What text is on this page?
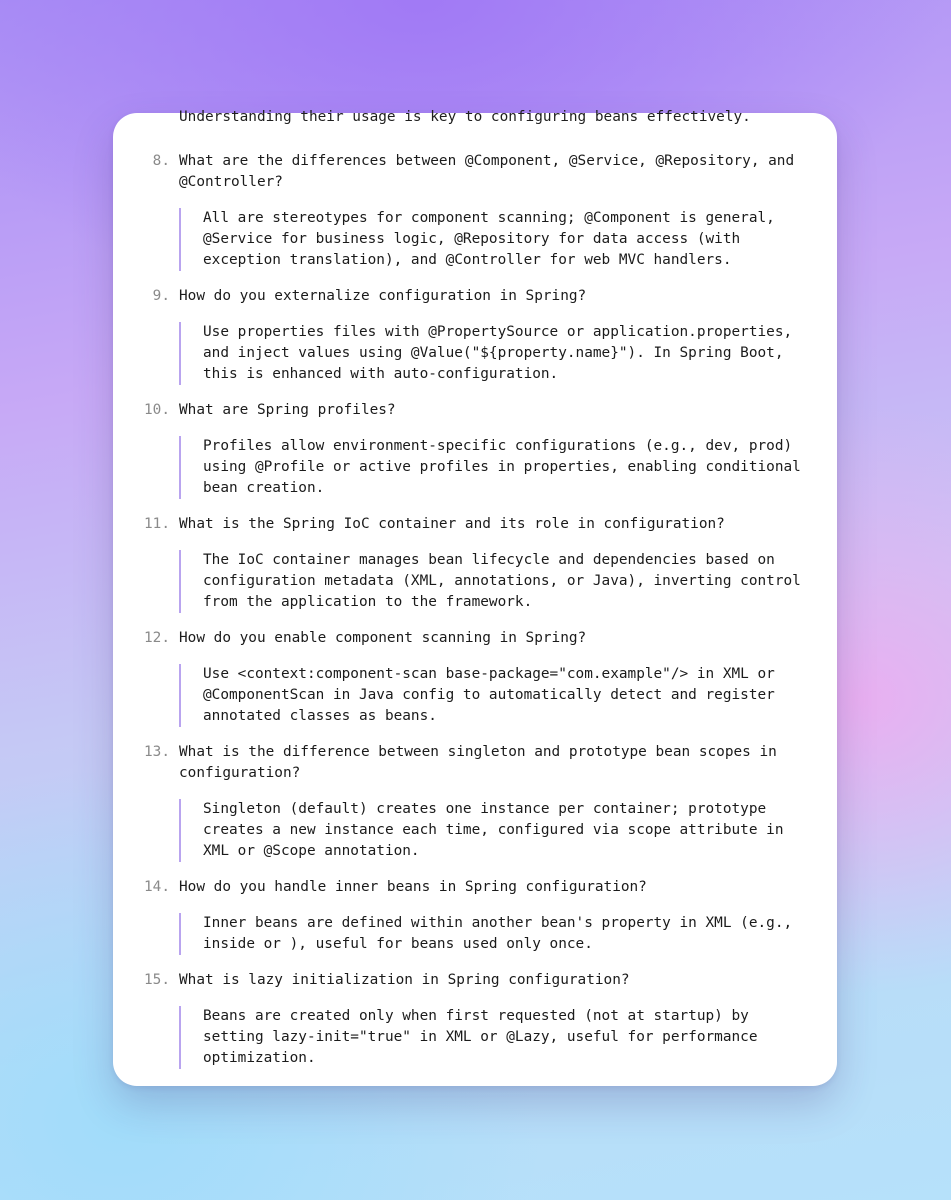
Understanding their usage is key to configuring beans effectively.
8. What are the differences between @Component, @Service, @Repository, and @Controller?
All are stereotypes for component scanning; @Component is general, @Service for business logic, @Repository for data access (with exception translation), and @Controller for web MVC handlers.
9. How do you externalize configuration in Spring?
Use properties files with @PropertySource or application.properties, and inject values using @Value("${property.name}"). In Spring Boot, this is enhanced with auto-configuration.
10. What are Spring profiles?
Profiles allow environment-specific configurations (e.g., dev, prod) using @Profile or active profiles in properties, enabling conditional bean creation.
11. What is the Spring IoC container and its role in configuration?
The IoC container manages bean lifecycle and dependencies based on configuration metadata (XML, annotations, or Java), inverting control from the application to the framework.
12. How do you enable component scanning in Spring?
Use <context:component-scan base-package="com.example"/> in XML or @ComponentScan in Java config to automatically detect and register annotated classes as beans.
13. What is the difference between singleton and prototype bean scopes in configuration?
Singleton (default) creates one instance per container; prototype creates a new instance each time, configured via scope attribute in XML or @Scope annotation.
14. How do you handle inner beans in Spring configuration?
Inner beans are defined within another bean's property in XML (e.g., inside or ), useful for beans used only once.
15. What is lazy initialization in Spring configuration?
Beans are created only when first requested (not at startup) by setting lazy-init="true" in XML or @Lazy, useful for performance optimization.
